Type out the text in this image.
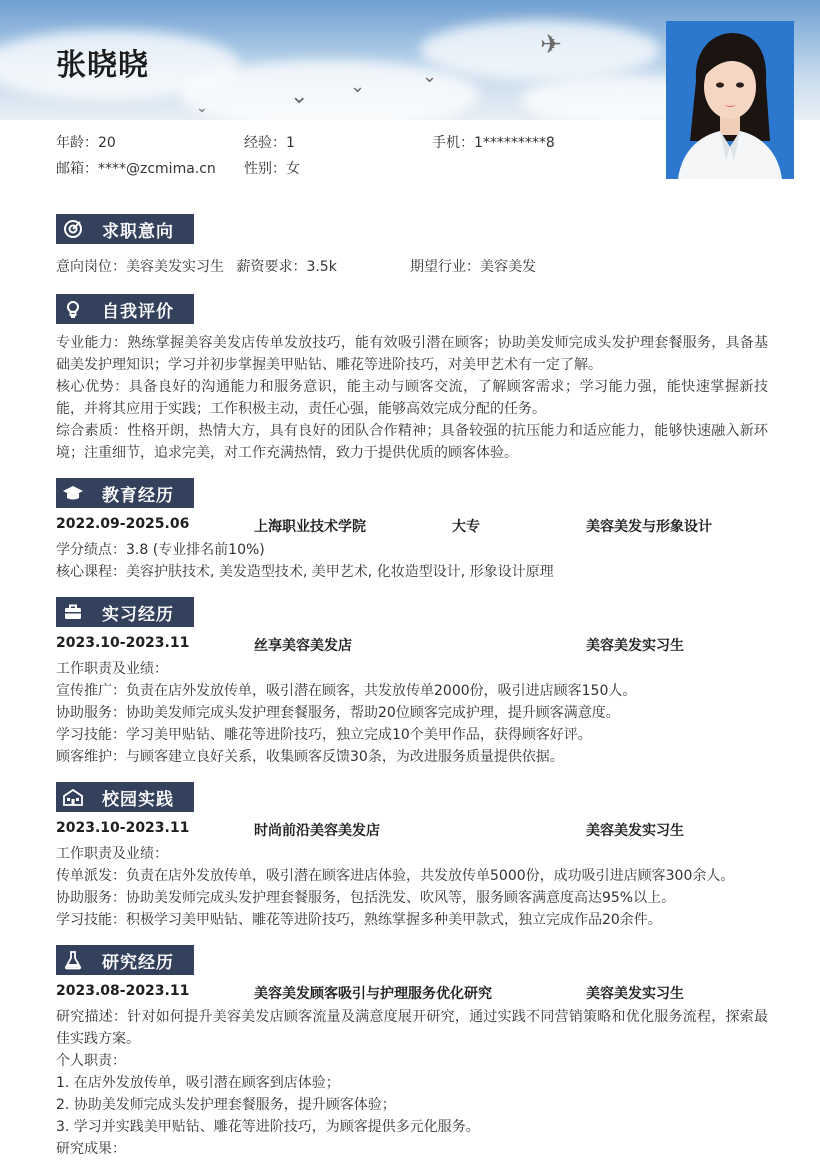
✈
⌄
⌄
⌄
⌄
张晓晓
年龄：20	经验：1	手机：1*********8
邮箱：****@zcmima.cn 性别：女
求职意向
意向岗位：美容美发实习生 薪资要求：3.5k	期望行业：美容美发
自我评价
专业能力：熟练掌握美容美发店传单发放技巧，能有效吸引潜在顾客；协助美发师完成头发护理套餐服务，具备基础美发护理知识；学习并初步掌握美甲贴钻、雕花等进阶技巧，对美甲艺术有一定了解。
核心优势：具备良好的沟通能力和服务意识，能主动与顾客交流，了解顾客需求；学习能力强，能快速掌握新技能，并将其应用于实践；工作积极主动，责任心强，能够高效完成分配的任务。
综合素质：性格开朗，热情大方，具有良好的团队合作精神；具备较强的抗压能力和适应能力，能够快速融入新环境；注重细节，追求完美，对工作充满热情，致力于提供优质的顾客体验。
教育经历
2022.09-2025.06	上海职业技术学院	大专	美容美发与形象设计
学分绩点：3.8 (专业排名前10%)
核心课程：美容护肤技术, 美发造型技术, 美甲艺术, 化妆造型设计, 形象设计原理
实习经历
2023.10-2023.11	丝享美容美发店	美容美发实习生
工作职责及业绩：
宣传推广：负责在店外发放传单，吸引潜在顾客，共发放传单2000份，吸引进店顾客150人。
协助服务：协助美发师完成头发护理套餐服务，帮助20位顾客完成护理，提升顾客满意度。
学习技能：学习美甲贴钻、雕花等进阶技巧，独立完成10个美甲作品，获得顾客好评。
顾客维护：与顾客建立良好关系，收集顾客反馈30条，为改进服务质量提供依据。
校园实践
2023.10-2023.11	时尚前沿美容美发店	美容美发实习生
工作职责及业绩：
传单派发：负责在店外发放传单，吸引潜在顾客进店体验，共发放传单5000份，成功吸引进店顾客300余人。
协助服务：协助美发师完成头发护理套餐服务，包括洗发、吹风等，服务顾客满意度高达95%以上。
学习技能：积极学习美甲贴钻、雕花等进阶技巧，熟练掌握多种美甲款式，独立完成作品20余件。
研究经历
2023.08-2023.11	美容美发顾客吸引与护理服务优化研究	美容美发实习生
研究描述：针对如何提升美容美发店顾客流量及满意度展开研究，通过实践不同营销策略和优化服务流程，探索最佳实践方案。
个人职责：
1. 在店外发放传单，吸引潜在顾客到店体验；
2. 协助美发师完成头发护理套餐服务，提升顾客体验；
3. 学习并实践美甲贴钻、雕花等进阶技巧，为顾客提供多元化服务。
研究成果：
